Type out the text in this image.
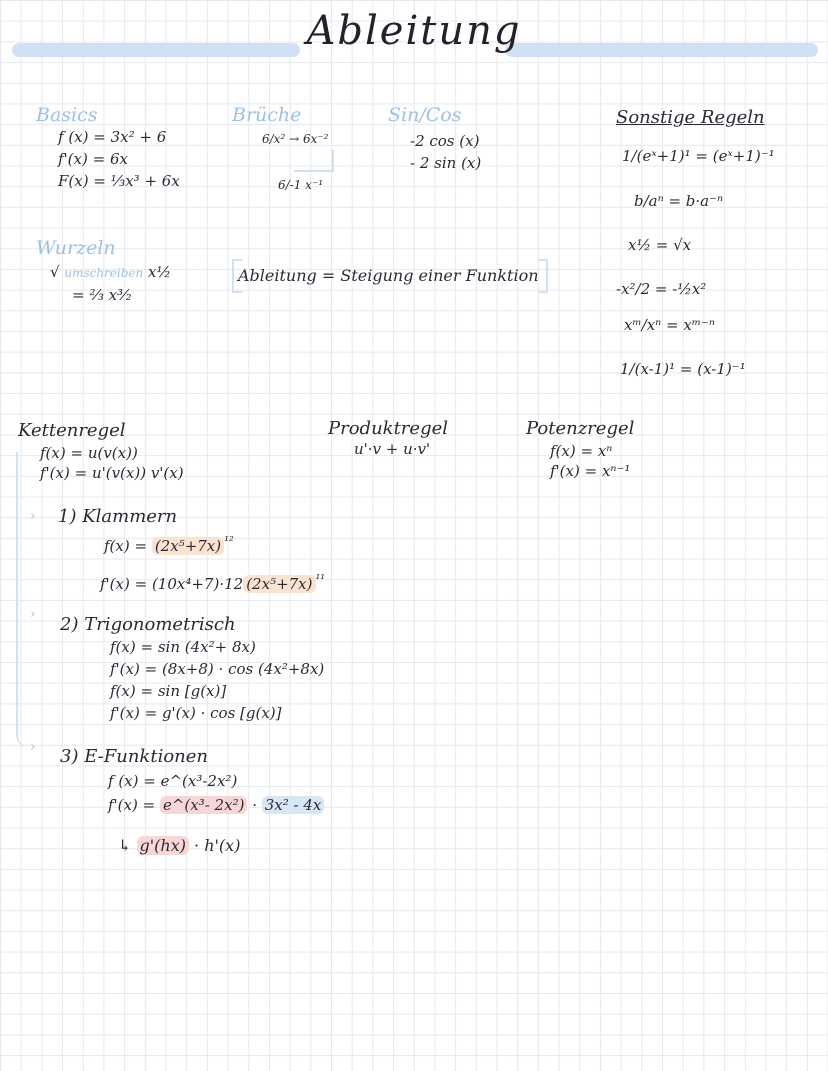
Ableitung
Basics
f (x) = 3x² + 6
f'(x) = 6x
F(x) = ⅓x³ + 6x
Brüche
6/x² → 6x⁻²
6/-1 x⁻¹
Sin/Cos
-2 cos (x)
- 2 sin (x)
Wurzeln
√ umschreiben x½
= ⅔ x³⁄₂
Ableitung = Steigung einer Funktion
Sonstige Regeln
1/(eˣ+1)¹ = (eˣ+1)⁻¹
b/aⁿ = b·a⁻ⁿ
x½ = √x
-x²/2 = -½x²
xᵐ/xⁿ = xᵐ⁻ⁿ
1/(x-1)¹ = (x-1)⁻¹
Kettenregel
f(x) = u(v(x))
f'(x) = u'(v(x)) v'(x)
›
›
›
Produktregel
u'·v + u·v'
Potenzregel
f(x) = xⁿ
f'(x) = xⁿ⁻¹
1) Klammern
f(x) = (2x⁵+7x) $^{^{12}}$
f'(x) = (10x⁴+7)·12 (2x⁵+7x) $^{^{11}}$
2) Trigonometrisch
f(x) = sin (4x²+ 8x)
f'(x) = (8x+8) · cos (4x²+8x)
f(x) = sin [g(x)]
f'(x) = g'(x) · cos [g(x)]
3) E-Funktionen
f (x) = e^(x³-2x²)
f'(x) = e^(x³- 2x²) · 3x² - 4x
↳ g'(hx) · h'(x)
